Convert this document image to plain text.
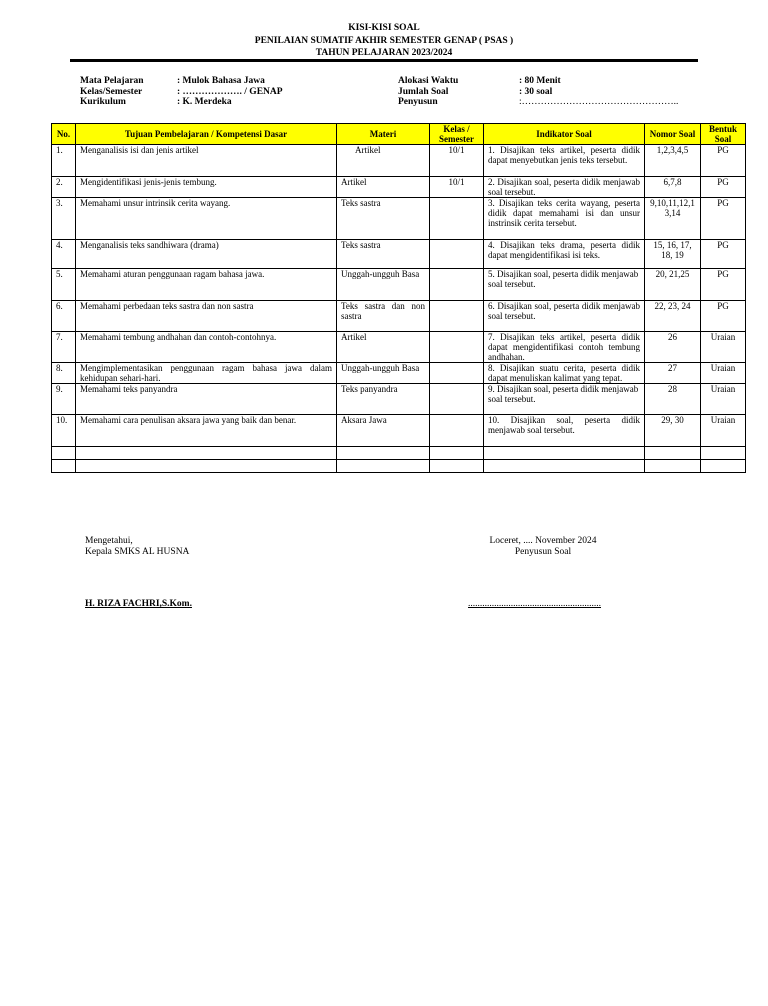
KISI-KISI SOAL
PENILAIAN SUMATIF AKHIR SEMESTER GENAP ( PSAS )
TAHUN PELAJARAN 2023/2024
Mata Pelajaran	: Mulok Bahasa Jawa
Kelas/Semester	: ………………. / GENAP
Kurikulum	: K. Merdeka
Alokasi Waktu	: 80 Menit
Jumlah Soal	: 30 soal
Penyusun	:…………………………………………..
No.	Tujuan Pembelajaran / Kompetensi Dasar	Materi	Kelas / Semester	Indikator Soal	Nomor Soal	Bentuk Soal
1.	Menganalisis isi dan jenis artikel	Artikel	10/1	1. Disajikan teks artikel, peserta didik dapat menyebutkan jenis teks tersebut.	1,2,3,4,5	PG
2.	Mengidentifikasi jenis-jenis tembung.	Artikel	10/1	2. Disajikan soal, peserta didik menjawab soal tersebut.	6,7,8	PG
3.	Memahami unsur intrinsik cerita wayang.	Teks sastra		3. Disajikan teks cerita wayang, peserta didik dapat memahami isi dan unsur instrinsik cerita tersebut.	9,10,11,12,13,14	PG
4.	Menganalisis teks sandhiwara (drama)	Teks sastra		4. Disajikan teks drama, peserta didik dapat mengidentifikasi isi teks.	15, 16, 17, 18, 19	PG
5.	Memahami aturan penggunaan ragam bahasa jawa.	Unggah-ungguh Basa		5. Disajikan soal, peserta didik menjawab soal tersebut.	20, 21,25	PG
6.	Memahami perbedaan teks sastra dan non sastra	Teks sastra dan non sastra		6. Disajikan soal, peserta didik menjawab soal tersebut.	22, 23, 24	PG
7.	Memahami tembung andhahan dan contoh-contohnya.	Artikel		7. Disajikan teks artikel, peserta didik dapat mengidentifikasi contoh tembung andhahan.	26	Uraian
8.	Mengimplementasikan penggunaan ragam bahasa jawa dalam kehidupan sehari-hari.	Unggah-ungguh Basa		8. Disajikan suatu cerita, peserta didik dapat menuliskan kalimat yang tepat.	27	Uraian
9.	Memahami teks panyandra	Teks panyandra		9. Disajikan soal, peserta didik menjawab soal tersebut.	28	Uraian
10.	Memahami cara penulisan aksara jawa yang baik dan benar.	Aksara Jawa		10. Disajikan soal, peserta didik menjawab soal tersebut.	29, 30	Uraian

Mengetahui,
Kepala SMKS AL HUSNA
Loceret, .... November 2024
Penyusun Soal
H. RIZA FACHRI,S.Kom.	........................................................
